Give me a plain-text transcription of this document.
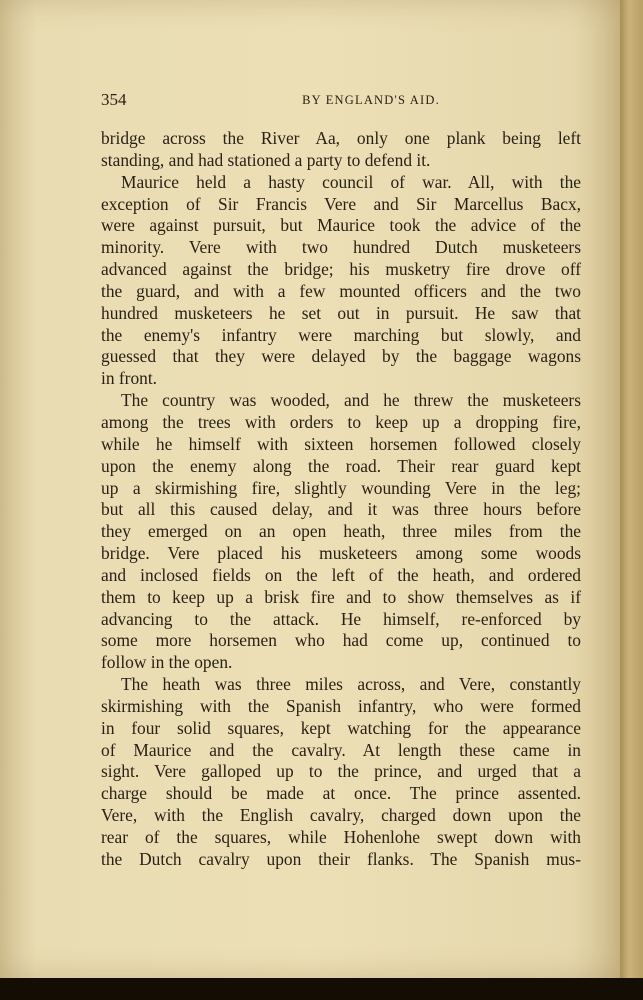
354	BY ENGLAND'S AID.
bridge across the River Aa, only one plank being left
standing, and had stationed a party to defend it.
Maurice held a hasty council of war. All, with the
exception of Sir Francis Vere and Sir Marcellus Bacx,
were against pursuit, but Maurice took the advice of the
minority. Vere with two hundred Dutch musketeers
advanced against the bridge; his musketry fire drove off
the guard, and with a few mounted officers and the two
hundred musketeers he set out in pursuit. He saw that
the enemy's infantry were marching but slowly, and
guessed that they were delayed by the baggage wagons
in front.
The country was wooded, and he threw the musketeers
among the trees with orders to keep up a dropping fire,
while he himself with sixteen horsemen followed closely
upon the enemy along the road. Their rear guard kept
up a skirmishing fire, slightly wounding Vere in the leg;
but all this caused delay, and it was three hours before
they emerged on an open heath, three miles from the
bridge. Vere placed his musketeers among some woods
and inclosed fields on the left of the heath, and ordered
them to keep up a brisk fire and to show themselves as if
advancing to the attack. He himself, re-enforced by
some more horsemen who had come up, continued to
follow in the open.
The heath was three miles across, and Vere, constantly
skirmishing with the Spanish infantry, who were formed
in four solid squares, kept watching for the appearance
of Maurice and the cavalry. At length these came in
sight. Vere galloped up to the prince, and urged that a
charge should be made at once. The prince assented.
Vere, with the English cavalry, charged down upon the
rear of the squares, while Hohenlohe swept down with
the Dutch cavalry upon their flanks. The Spanish mus-
